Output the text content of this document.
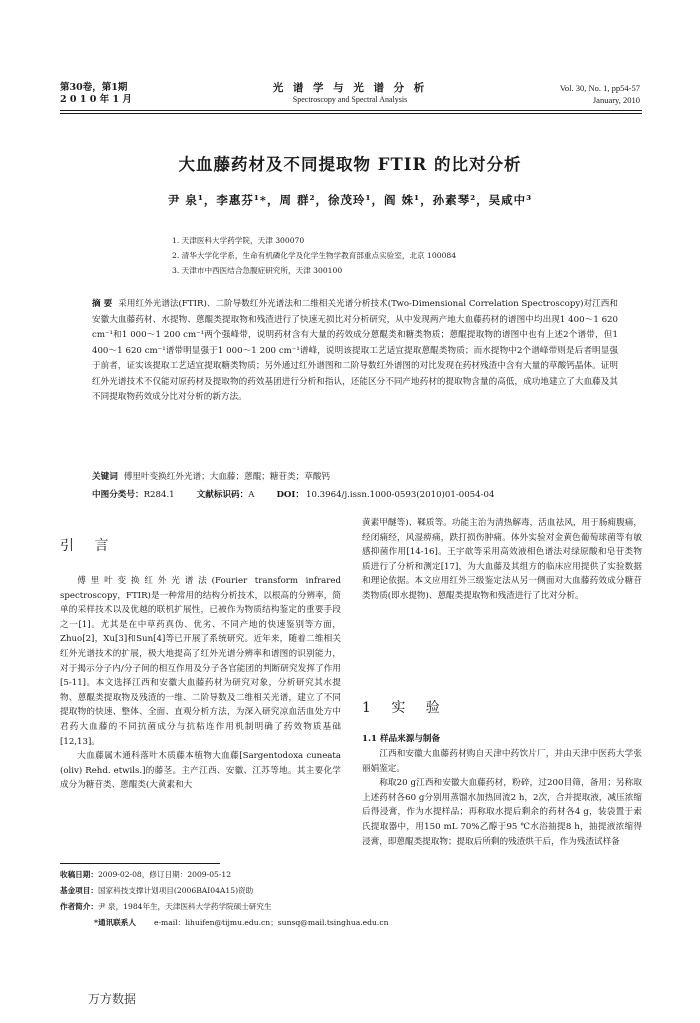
第30卷，第1期
2 0 1 0 年 1 月
光 谱 学 与 光 谱 分 析
Spectroscopy and Spectral Analysis
Vol. 30, No. 1, pp54-57
January, 2010
大血藤药材及不同提取物 FTIR 的比对分析
尹 泉¹，李惠芬¹*，周 群²，徐茂玲¹，阎 姝¹，孙素琴²，吴咸中³
1. 天津医科大学药学院，天津 300070
2. 清华大学化学系，生命有机磷化学及化学生物学教育部重点实验室，北京 100084
3. 天津市中西医结合急腹症研究所，天津 300100
摘 要 采用红外光谱法(FTIR)、二阶导数红外光谱法和二维相关光谱分析技术(Two-Dimensional Correlation Spectroscopy)对江西和安徽大血藤药材、水提物、蒽醌类提取物和残渣进行了快速无损比对分析研究，从中发现两产地大血藤药材的谱图中均出现1 400～1 620 cm⁻¹和1 000～1 200 cm⁻¹两个强峰带，说明药材含有大量的药效成分蒽醌类和糖类物质；蒽醌提取物的谱图中也有上述2个谱带，但1 400～1 620 cm⁻¹谱带明显强于1 000～1 200 cm⁻¹谱峰，说明该提取工艺适宜提取蒽醌类物质；而水提物中2个谱峰带则是后者明显强于前者，证实该提取工艺适宜提取糖类物质；另外通过红外谱图和二阶导数红外谱图的对比发现在药材残渣中含有大量的草酸钙晶体。证明红外光谱技术不仅能对原药材及提取物的药效基团进行分析和指认，还能区分不同产地药材的提取物含量的高低，成功地建立了大血藤及其不同提取物药效成分比对分析的新方法。
关键词 傅里叶变换红外光谱；大血藤；蒽醌；糖苷类；草酸钙
中图分类号：R284.1	文献标识码：A	DOI： 10.3964/j.issn.1000-0593(2010)01-0054-04
引 言

傅里叶变换红外光谱法(Fourier transform infrared spectroscopy，FTIR)是一种常用的结构分析技术，以根高的分辨率，简单的采样技术以及优越的联机扩展性，已被作为物质结构鉴定的重要手段之一[1]。尤其是在中草药真伪、优劣、不同产地的快速鉴别等方面，Zhuo[2]，Xu[3]和Sun[4]等已开展了系统研究。近年来，随着二维相关红外光谱技术的扩展，极大地提高了红外光谱分辨率和谱图的识别能力，对于揭示分子内/分子间的相互作用及分子各官能团的判断研究发挥了作用[5-11]。本文选择江西和安徽大血藤药材为研究对象，分析研究其水提物、蒽醌类提取物及残渣的一维、二阶导数及二维相关光谱，建立了不同提取物的快速、整体、全面、直观分析方法，为深入研究凉血活血处方中君药大血藤的不同抗菌成分与抗粘连作用机制明确了药效物质基础[12,13]。

大血藤属木通科落叶木质藤本植物大血藤[Sargentodoxa cuneata (oliv) Rehd. etwils.]的藤茎。主产江西、安徽、江苏等地。其主要化学成分为糖苷类、蒽醌类(大黄素和大

黄素甲醚等)、鞣质等。功能主治为清热解毒，活血祛风，用于肠痈腹痛，经闭痛经，风湿痹痛，跌打损伤肿痛。体外实验对金黄色葡萄球菌等有敏感抑菌作用[14-16]。王宇歆等采用高效液相色谱法对绿原酸和皂苷类物质进行了分析和测定[17]，为大血藤及其组方的临床应用提供了实验数据和理论依据。本文应用红外三级鉴定法从另一侧面对大血藤药效成分糖苷类物质(即水提物)、蒽醌类提取物和残渣进行了比对分析。

1 实 验
1.1 样品来源与制备

江西和安徽大血藤药材购自天津中药饮片厂，并由天津中医药大学张丽娟鉴定。

称取20 g江西和安徽大血藤药材，粉碎，过200目筛，备用；另称取上述药材各60 g分别用蒸馏水加热回流2 h，2次，合并提取液，减压浓缩后得浸膏，作为水提样品；再称取水提后剩余的药材各4 g，装袋置于索氏提取器中，用150 mL 70%乙醇于95 ℃水浴抽提8 h，抽提液浓缩得浸膏，即蒽醌类提取物；提取后所剩的残渣烘干后，作为残渣试样备

收稿日期：2009-02-08，修订日期：2009-05-12
基金项目：国家科技支撑计划项目(2006BAI04A15)资助
作者简介：尹 泉，1984年生，天津医科大学药学院硕士研究生
*通讯联系人 e-mail：lihuifen@tijmu.edu.cn；sunsq@mail.tsinghua.edu.cn
万方数据
